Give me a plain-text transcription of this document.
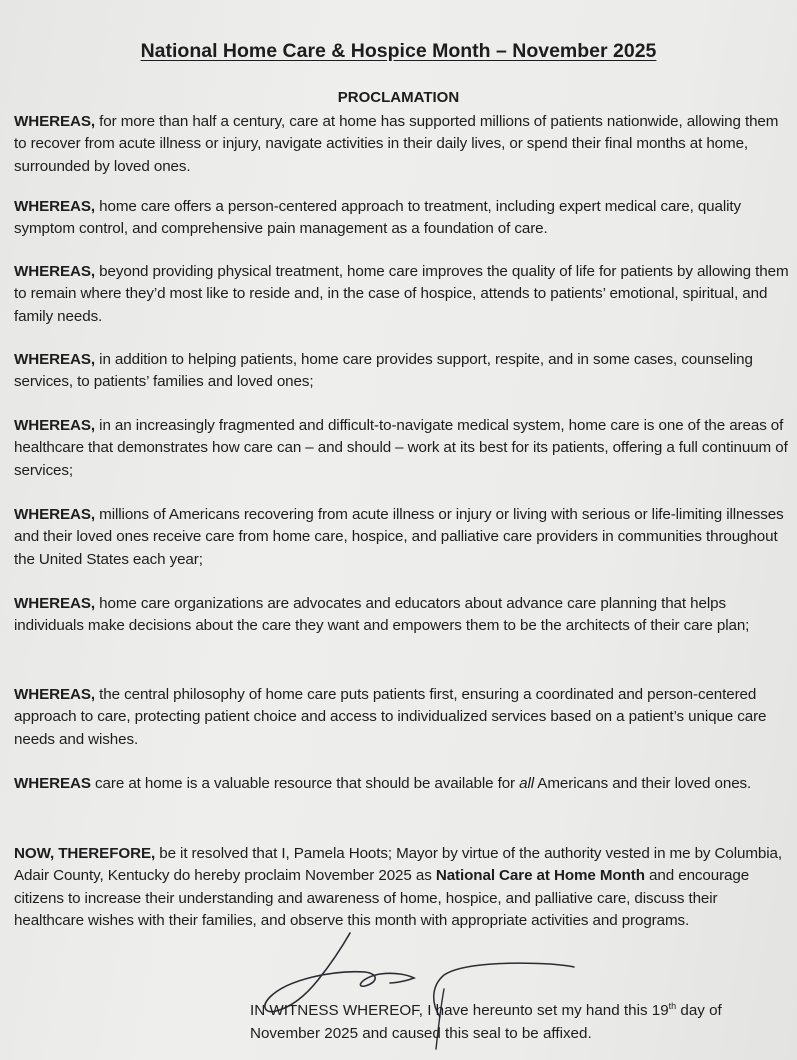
National Home Care & Hospice Month – November 2025
PROCLAMATION
WHEREAS, for more than half a century, care at home has supported millions of patients nationwide, allowing them to recover from acute illness or injury, navigate activities in their daily lives, or spend their final months at home, surrounded by loved ones.
WHEREAS, home care offers a person-centered approach to treatment, including expert medical care, quality symptom control, and comprehensive pain management as a foundation of care.
WHEREAS, beyond providing physical treatment, home care improves the quality of life for patients by allowing them to remain where they’d most like to reside and, in the case of hospice, attends to patients’ emotional, spiritual, and family needs.
WHEREAS, in addition to helping patients, home care provides support, respite, and in some cases, counseling services, to patients’ families and loved ones;
WHEREAS, in an increasingly fragmented and difficult-to-navigate medical system, home care is one of the areas of healthcare that demonstrates how care can – and should – work at its best for its patients, offering a full continuum of services;
WHEREAS, millions of Americans recovering from acute illness or injury or living with serious or life-limiting illnesses and their loved ones receive care from home care, hospice, and palliative care providers in communities throughout the United States each year;
WHEREAS, home care organizations are advocates and educators about advance care planning that helps individuals make decisions about the care they want and empowers them to be the architects of their care plan;
WHEREAS, the central philosophy of home care puts patients first, ensuring a coordinated and person-centered approach to care, protecting patient choice and access to individualized services based on a patient’s unique care needs and wishes.
WHEREAS care at home is a valuable resource that should be available for all Americans and their loved ones.
NOW, THEREFORE, be it resolved that I, Pamela Hoots; Mayor by virtue of the authority vested in me by Columbia, Adair County, Kentucky do hereby proclaim November 2025 as National Care at Home Month and encourage citizens to increase their understanding and awareness of home, hospice, and palliative care, discuss their healthcare wishes with their families, and observe this month with appropriate activities and programs.
IN WITNESS WHEREOF, I have hereunto set my hand this 19th day of November 2025 and caused this seal to be affixed.
